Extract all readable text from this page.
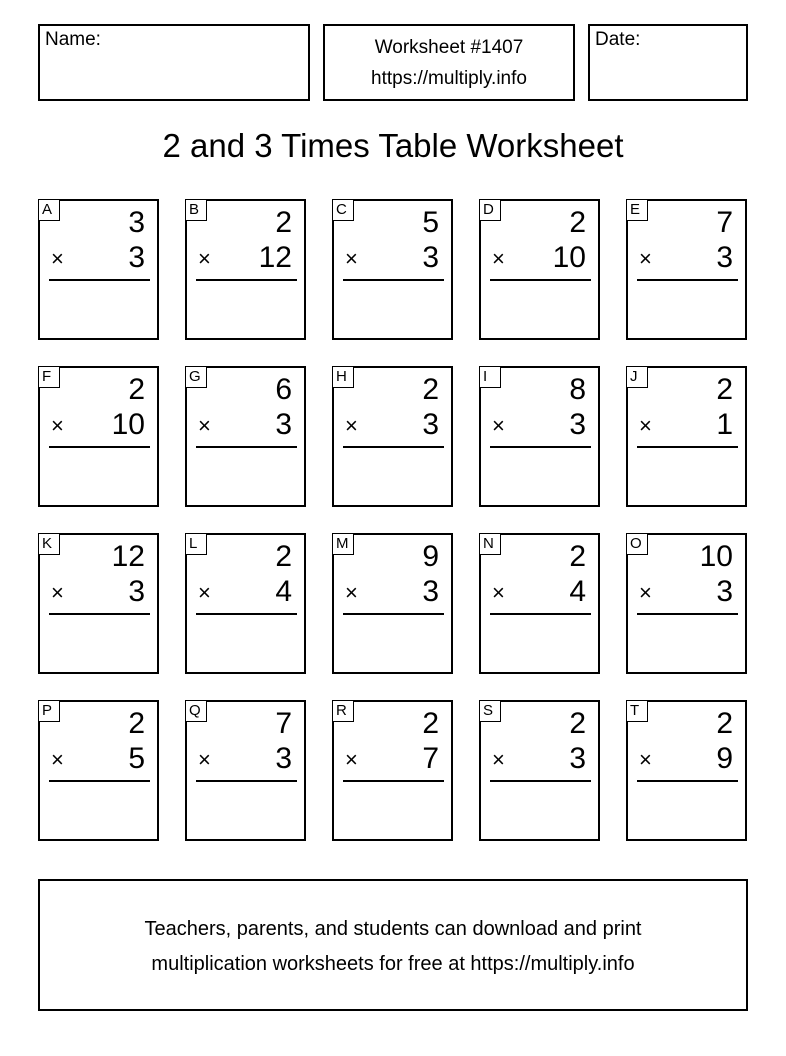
Name:	Worksheet #1407
https://multiply.info
Date:
2 and 3 Times Table Worksheet
A	3
× 3
B	2
× 12
C	5
× 3
D	2
× 10
E	7
× 3
F	2
× 10
G 6
× 3
H	2
× 3
I	8
× 3
J	2
× 1
K 12
× 3
L	2
× 4
M 9
× 3
N	2
× 4
O 10
× 3
P	2
× 5
Q 7
× 3
R	2
× 7
S	2
× 3
T	2
× 9
Teachers, parents, and students can download and print
multiplication worksheets for free at https://multiply.info
